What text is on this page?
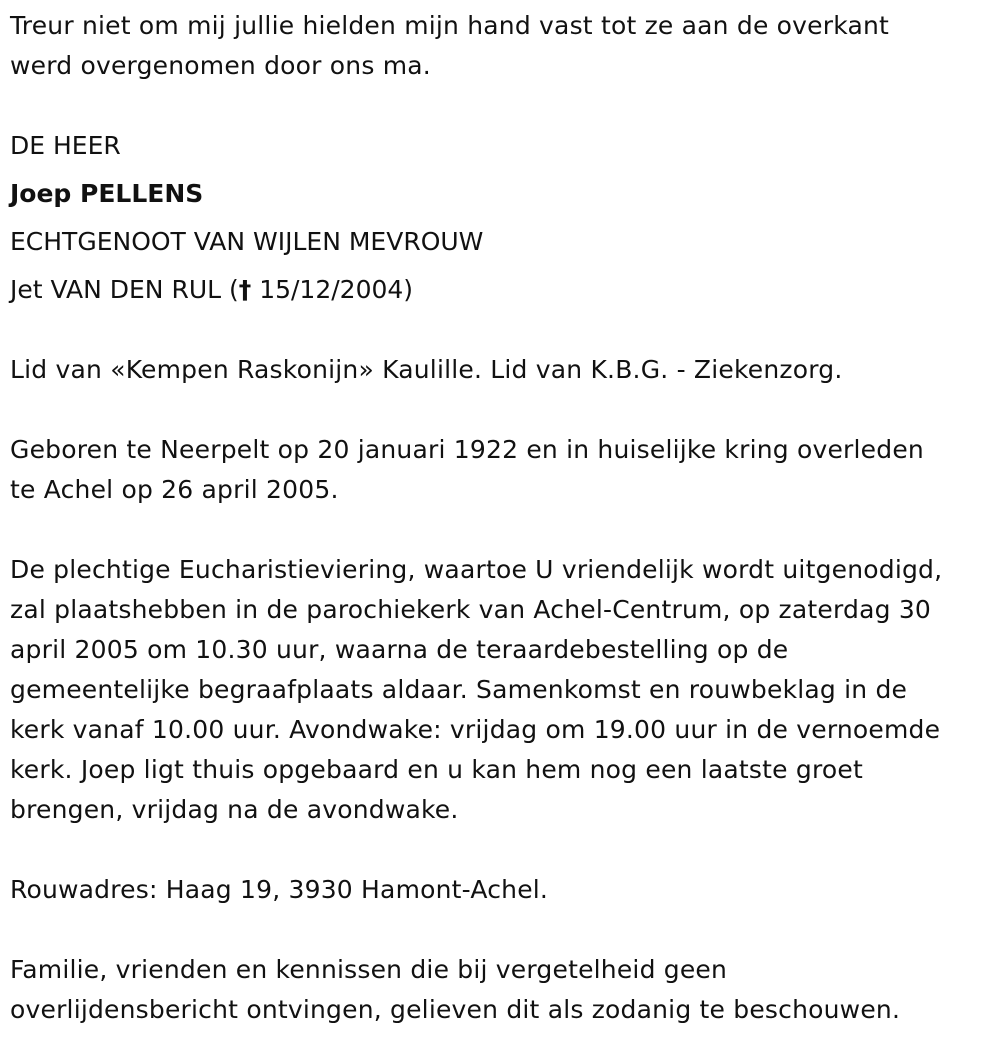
Treur niet om mij jullie hielden mijn hand vast tot ze aan de overkant

werd overgenomen door ons ma.

DE HEER

Joep PELLENS

ECHTGENOOT VAN WIJLEN MEVROUW

Jet VAN DEN RUL († 15/12/2004)

Lid van «Kempen Raskonijn» Kaulille. Lid van K.B.G. - Ziekenzorg.

Geboren te Neerpelt op 20 januari 1922 en in huiselijke kring overleden

te Achel op 26 april 2005.

De plechtige Eucharistieviering, waartoe U vriendelijk wordt uitgenodigd,

zal plaatshebben in de parochiekerk van Achel-Centrum, op zaterdag 30

april 2005 om 10.30 uur, waarna de teraardebestelling op de

gemeentelijke begraafplaats aldaar. Samenkomst en rouwbeklag in de

kerk vanaf 10.00 uur. Avondwake: vrijdag om 19.00 uur in de vernoemde

kerk. Joep ligt thuis opgebaard en u kan hem nog een laatste groet

brengen, vrijdag na de avondwake.

Rouwadres: Haag 19, 3930 Hamont-Achel.

Familie, vrienden en kennissen die bij vergetelheid geen

overlijdensbericht ontvingen, gelieven dit als zodanig te beschouwen.
